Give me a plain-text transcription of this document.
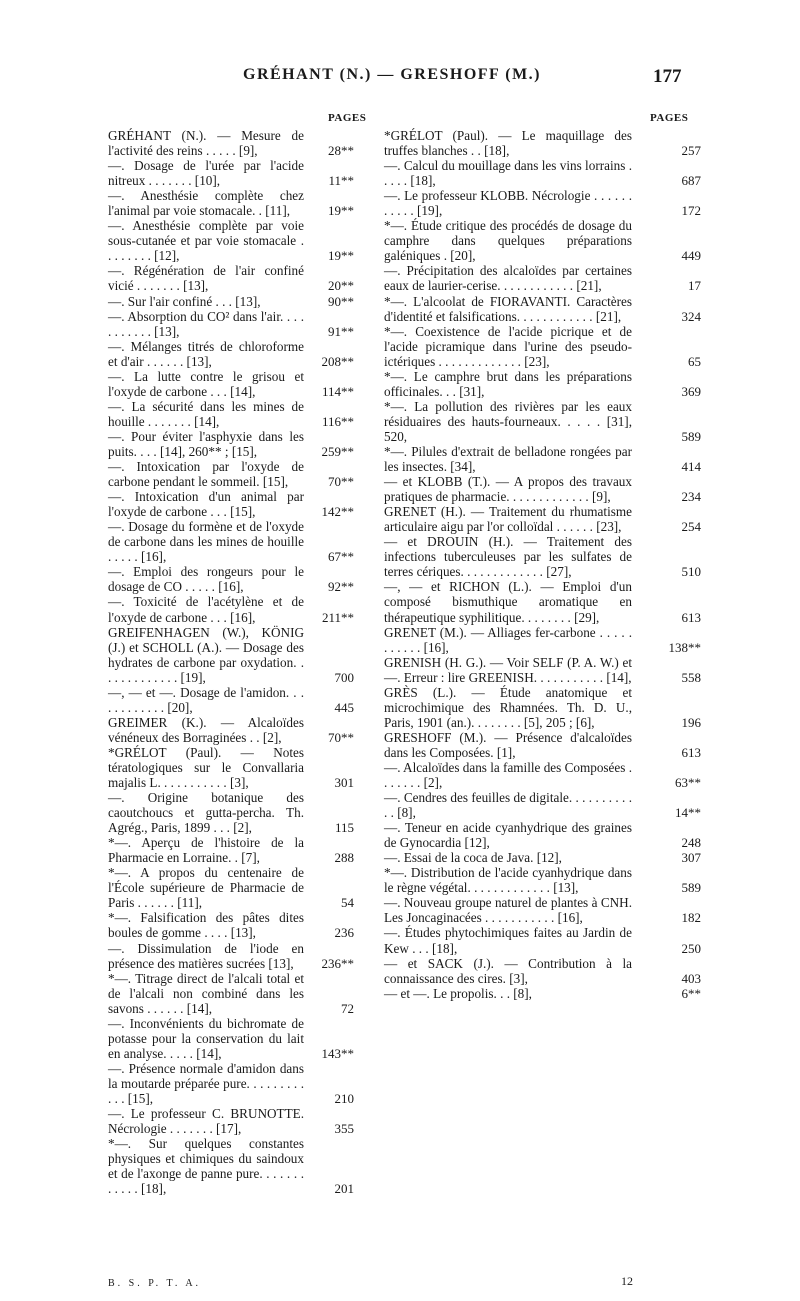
GRÉHANT (N.) — GRESHOFF (M.)	177
PAGES
GRÉHANT (N.). — Mesure de l'activité des reins . . . . . [9],	28**
—. Dosage de l'urée par l'acide nitreux . . . . . . . [10],	11**
—. Anesthésie complète chez l'animal par voie stomacale. . [11],	19**
—. Anesthésie complète par voie sous-cutanée et par voie stomacale . . . . . . . . [12],	19**
—. Régénération de l'air confiné vicié . . . . . . . [13],	20**
—. Sur l'air confiné . . . [13],	90**
—. Absorption du CO² dans l'air. . . . . . . . . . . [13],	91**
—. Mélanges titrés de chloroforme et d'air . . . . . . [13],	208**
—. La lutte contre le grisou et l'oxyde de carbone . . . [14],	114**
—. La sécurité dans les mines de houille . . . . . . . [14],	116**
—. Pour éviter l'asphyxie dans les puits. . . . [14], 260** ; [15],	259**
—. Intoxication par l'oxyde de carbone pendant le sommeil. [15],	70**
—. Intoxication d'un animal par l'oxyde de carbone . . . [15],	142**
—. Dosage du formène et de l'oxyde de carbone dans les mines de houille . . . . . [16],	67**
—. Emploi des rongeurs pour le dosage de CO . . . . . [16],	92**
—. Toxicité de l'acétylène et de l'oxyde de carbone . . . [16],	211**
GREIFENHAGEN (W.), KÖNIG (J.) et SCHOLL (A.). — Dosage des hydrates de carbone par oxydation. . . . . . . . . . . . . [19],	700
—, — et —. Dosage de l'amidon. . . . . . . . . . . . [20],	445
GREIMER (K.). — Alcaloïdes vénéneux des Borraginées . . [2],	70**
*GRÉLOT (Paul). — Notes tératologiques sur le Convallaria majalis L. . . . . . . . . . . [3],	301
—. Origine botanique des caoutchoucs et gutta-percha. Th. Agrég., Paris, 1899 . . . [2],	115
*—. Aperçu de l'histoire de la Pharmacie en Lorraine. . [7],	288
*—. A propos du centenaire de l'École supérieure de Pharmacie de Paris . . . . . . [11],	54
*—. Falsification des pâtes dites boules de gomme . . . . [13],	236
—. Dissimulation de l'iode en présence des matières sucrées [13],	236**
*—. Titrage direct de l'alcali total et de l'alcali non combiné dans les savons . . . . . . [14],	72
—. Inconvénients du bichromate de potasse pour la conservation du lait en analyse. . . . . [14],	143**
—. Présence normale d'amidon dans la moutarde préparée pure. . . . . . . . . . . . [15],	210
—. Le professeur C. BRUNOTTE. Nécrologie . . . . . . . [17],	355
*—. Sur quelques constantes physiques et chimiques du saindoux et de l'axonge de panne pure. . . . . . . . . . . . [18],	201
PAGES
*GRÉLOT (Paul). — Le maquillage des truffes blanches . . [18],	257
—. Calcul du mouillage dans les vins lorrains . . . . . [18],	687
—. Le professeur KLOBB. Nécrologie . . . . . . . . . . . [19],	172
*—. Étude critique des procédés de dosage du camphre dans quelques préparations galéniques . [20],	449
—. Précipitation des alcaloïdes par certaines eaux de laurier-cerise. . . . . . . . . . . . [21],	17
*—. L'alcoolat de FIORAVANTI. Caractères d'identité et falsifications. . . . . . . . . . . . [21],	324
*—. Coexistence de l'acide picrique et de l'acide picramique dans l'urine des pseudo-ictériques . . . . . . . . . . . . . [23],	65
*—. Le camphre brut dans les préparations officinales. . . [31],	369
*—. La pollution des rivières par les eaux résiduaires des hauts-fourneaux. . . . . [31], 520,	589
*—. Pilules d'extrait de belladone rongées par les insectes. [34],	414
— et KLOBB (T.). — A propos des travaux pratiques de pharmacie. . . . . . . . . . . . . [9],	234
GRENET (H.). — Traitement du rhumatisme articulaire aigu par l'or colloïdal . . . . . . [23],	254
— et DROUIN (H.). — Traitement des infections tuberculeuses par les sulfates de terres cériques. . . . . . . . . . . . . [27],	510
—, — et RICHON (L.). — Emploi d'un composé bismuthique aromatique en thérapeutique syphilitique. . . . . . . . [29],	613
GRENET (M.). — Alliages fer-carbone . . . . . . . . . . . [16],	138**
GRENISH (H. G.). — Voir SELF (P. A. W.) et —. Erreur : lire GREENISH. . . . . . . . . . . [14],	558
GRÈS (L.). — Étude anatomique et microchimique des Rhamnées. Th. D. U., Paris, 1901 (an.). . . . . . . . [5], 205 ; [6],	196
GRESHOFF (M.). — Présence d'alcaloïdes dans les Composées. [1],	613
—. Alcaloïdes dans la famille des Composées . . . . . . . [2],	63**
—. Cendres des feuilles de digitale. . . . . . . . . . . . [8],	14**
—. Teneur en acide cyanhydrique des graines de Gynocardia [12],	248
—. Essai de la coca de Java. [12],	307
*—. Distribution de l'acide cyanhydrique dans le règne végétal. . . . . . . . . . . . . [13],	589
—. Nouveau groupe naturel de plantes à CNH. Les Joncaginacées . . . . . . . . . . . [16],	182
—. Études phytochimiques faites au Jardin de Kew . . . [18],	250
— et SACK (J.). — Contribution à la connaissance des cires. [3],	403
— et —. Le propolis. . . [8],	6**
B. S. P. T. A.	12
